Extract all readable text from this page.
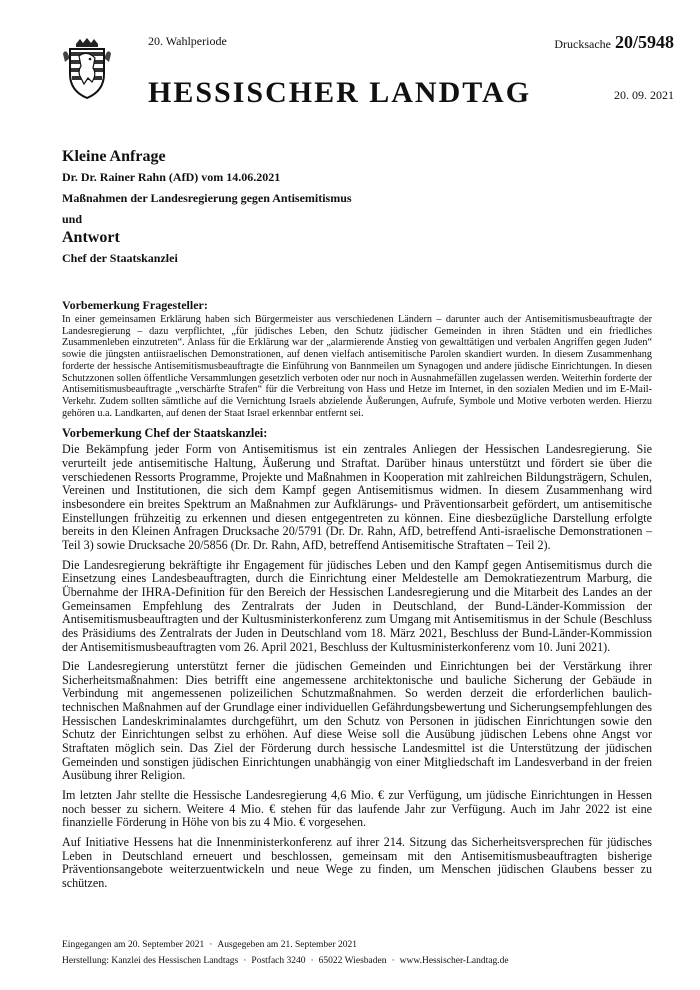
20. Wahlperiode	Drucksache 20/5948
HESSISCHER LANDTAG	20. 09. 2021

Kleine Anfrage

Dr. Dr. Rainer Rahn (AfD) vom 14.06.2021

Maßnahmen der Landesregierung gegen Antisemitismus

und

Antwort

Chef der Staatskanzlei

Vorbemerkung Fragesteller:

In einer gemeinsamen Erklärung haben sich Bürgermeister aus verschiedenen Ländern – darunter auch der Antisemitismusbeauftragte der Landesregierung – dazu verpflichtet, „für jüdisches Leben, den Schutz jüdischer Gemeinden in ihren Städten und ein friedliches Zusammenleben einzutreten“. Anlass für die Erklärung war der „alarmierende Anstieg von gewalttätigen und verbalen Angriffen gegen Juden“ sowie die jüngsten antiisraelischen Demonstrationen, auf denen vielfach antisemitische Parolen skandiert wurden. In diesem Zusammenhang forderte der hessische Antisemitismusbeauftragte die Einführung von Bannmeilen um Synagogen und andere jüdische Einrichtungen. In diesen Schutzzonen sollen öffentliche Versammlungen gesetzlich verboten oder nur noch in Ausnahmefällen zugelassen werden. Weiterhin forderte der Antisemitismusbeauftragte „verschärfte Strafen“ für die Verbreitung von Hass und Hetze im Internet, in den sozialen Medien und im E-Mail-Verkehr. Zudem sollten sämtliche auf die Vernichtung Israels abzielende Äußerungen, Aufrufe, Symbole und Motive verboten werden. Hierzu gehören u.a. Landkarten, auf denen der Staat Israel erkennbar entfernt sei.

Vorbemerkung Chef der Staatskanzlei:

Die Bekämpfung jeder Form von Antisemitismus ist ein zentrales Anliegen der Hessischen Landesregierung. Sie verurteilt jede antisemitische Haltung, Äußerung und Straftat. Darüber hinaus unterstützt und fördert sie über die verschiedenen Ressorts Programme, Projekte und Maßnahmen in Kooperation mit zahlreichen Bildungsträgern, Schulen, Vereinen und Institutionen, die sich dem Kampf gegen Antisemitismus widmen. In diesem Zusammenhang wird insbesondere ein breites Spektrum an Maßnahmen zur Aufklärungs- und Präventionsarbeit gefördert, um antisemitische Einstellungen frühzeitig zu erkennen und diesen entgegentreten zu können. Eine diesbezügliche Darstellung erfolgte bereits in den Kleinen Anfragen Drucksache 20/5791 (Dr. Dr. Rahn, AfD, betreffend Anti-israelische Demonstrationen – Teil 3) sowie Drucksache 20/5856 (Dr. Dr. Rahn, AfD, betreffend Antisemitische Straftaten – Teil 2).

Die Landesregierung bekräftigte ihr Engagement für jüdisches Leben und den Kampf gegen Antisemitismus durch die Einsetzung eines Landesbeauftragten, durch die Einrichtung einer Meldestelle am Demokratiezentrum Marburg, die Übernahme der IHRA-Definition für den Bereich der Hessischen Landesregierung und die Mitarbeit des Landes an der Gemeinsamen Empfehlung des Zentralrats der Juden in Deutschland, der Bund-Länder-Kommission der Antisemitismusbeauftragten und der Kultusministerkonferenz zum Umgang mit Antisemitismus in der Schule (Beschluss des Präsidiums des Zentralrats der Juden in Deutschland vom 18. März 2021, Beschluss der Bund-Länder-Kommission der Antisemitismusbeauftragten vom 26. April 2021, Beschluss der Kultusministerkonferenz vom 10. Juni 2021).

Die Landesregierung unterstützt ferner die jüdischen Gemeinden und Einrichtungen bei der Verstärkung ihrer Sicherheitsmaßnahmen: Dies betrifft eine angemessene architektonische und bauliche Sicherung der Gebäude in Verbindung mit angemessenen polizeilichen Schutzmaßnahmen. So werden derzeit die erforderlichen baulich-technischen Maßnahmen auf der Grundlage einer individuellen Gefährdungsbewertung und Sicherungsempfehlungen des Hessischen Landeskriminalamtes durchgeführt, um den Schutz von Personen in jüdischen Einrichtungen sowie den Schutz der Einrichtungen selbst zu erhöhen. Auf diese Weise soll die Ausübung jüdischen Lebens ohne Angst vor Straftaten möglich sein. Das Ziel der Förderung durch hessische Landesmittel ist die Unterstützung der jüdischen Gemeinden und sonstigen jüdischen Einrichtungen unabhängig von einer Mitgliedschaft im Landesverband in der freien Ausübung ihrer Religion.

Im letzten Jahr stellte die Hessische Landesregierung 4,6 Mio. € zur Verfügung, um jüdische Einrichtungen in Hessen noch besser zu sichern. Weitere 4 Mio. € stehen für das laufende Jahr zur Verfügung. Auch im Jahr 2022 ist eine finanzielle Förderung in Höhe von bis zu 4 Mio. € vorgesehen.

Auf Initiative Hessens hat die Innenministerkonferenz auf ihrer 214. Sitzung das Sicherheitsversprechen für jüdisches Leben in Deutschland erneuert und beschlossen, gemeinsam mit den Antisemitismusbeauftragten bisherige Präventionsangebote weiterzuentwickeln und neue Wege zu finden, um Menschen jüdischen Glaubens besser zu schützen.

Eingegangen am 20. September 2021 · Ausgegeben am 21. September 2021
Herstellung: Kanzlei des Hessischen Landtags · Postfach 3240 · 65022 Wiesbaden · www.Hessischer-Landtag.de
